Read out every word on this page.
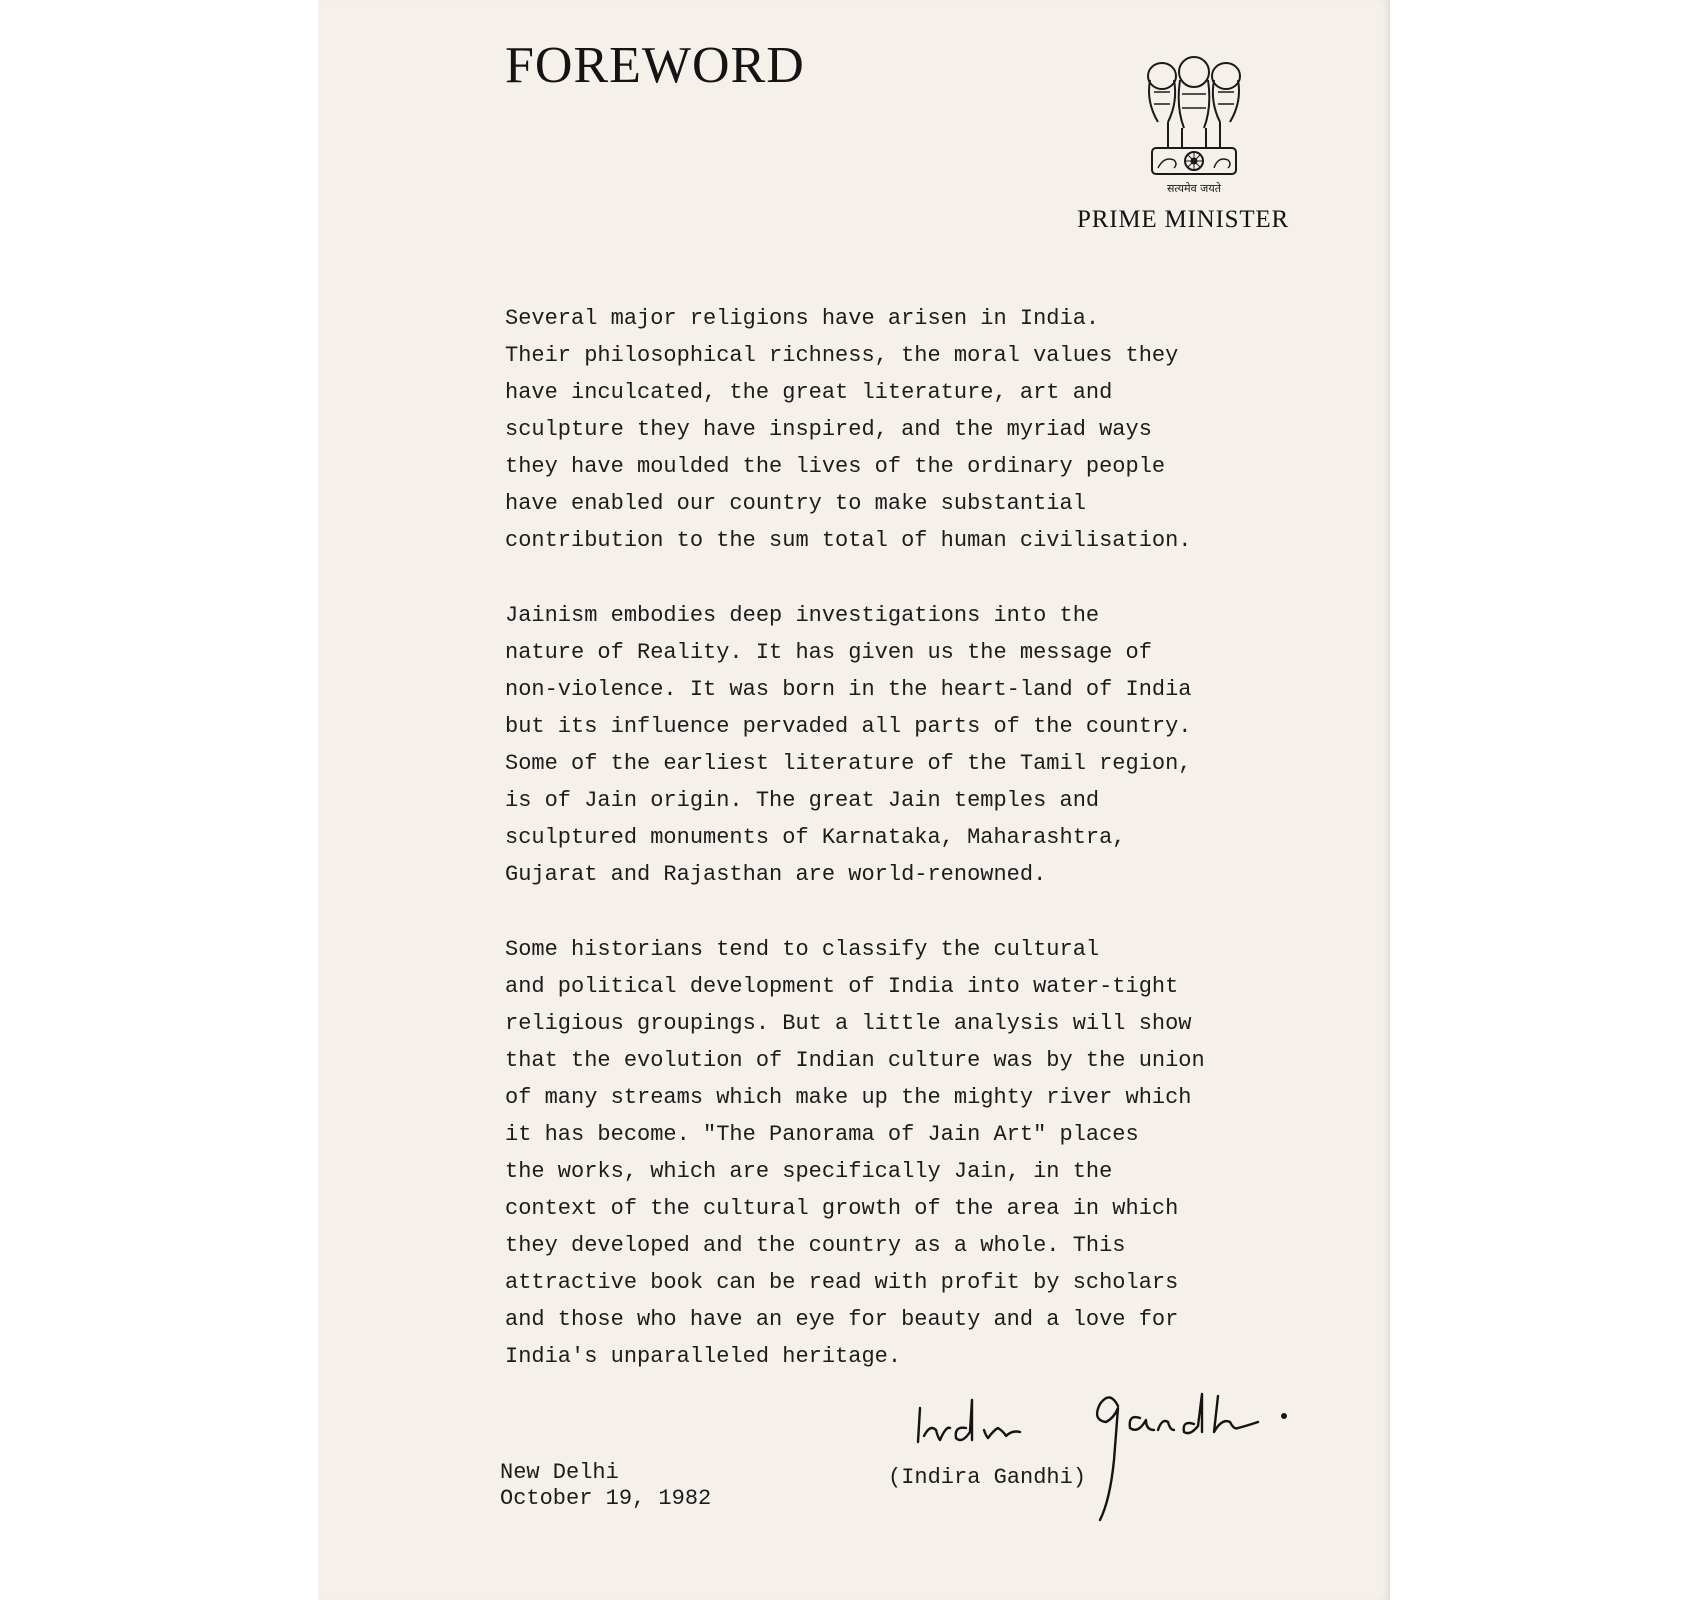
FOREWORD
सत्यमेव जयते
PRIME MINISTER

Several major religions have arisen in India.
Their philosophical richness, the moral values they
have inculcated, the great literature, art and
sculpture they have inspired, and the myriad ways
they have moulded the lives of the ordinary people
have enabled our country to make substantial
contribution to the sum total of human civilisation.

Jainism embodies deep investigations into the
nature of Reality. It has given us the message of
non-violence. It was born in the heart-land of India
but its influence pervaded all parts of the country.
Some of the earliest literature of the Tamil region,
is of Jain origin. The great Jain temples and
sculptured monuments of Karnataka, Maharashtra,
Gujarat and Rajasthan are world-renowned.

Some historians tend to classify the cultural
and political development of India into water-tight
religious groupings. But a little analysis will show
that the evolution of Indian culture was by the union
of many streams which make up the mighty river which
it has become. "The Panorama of Jain Art" places
the works, which are specifically Jain, in the
context of the cultural growth of the area in which
they developed and the country as a whole. This
attractive book can be read with profit by scholars
and those who have an eye for beauty and a love for
India's unparalleled heritage.

(Indira Gandhi)
New Delhi
October 19, 1982
